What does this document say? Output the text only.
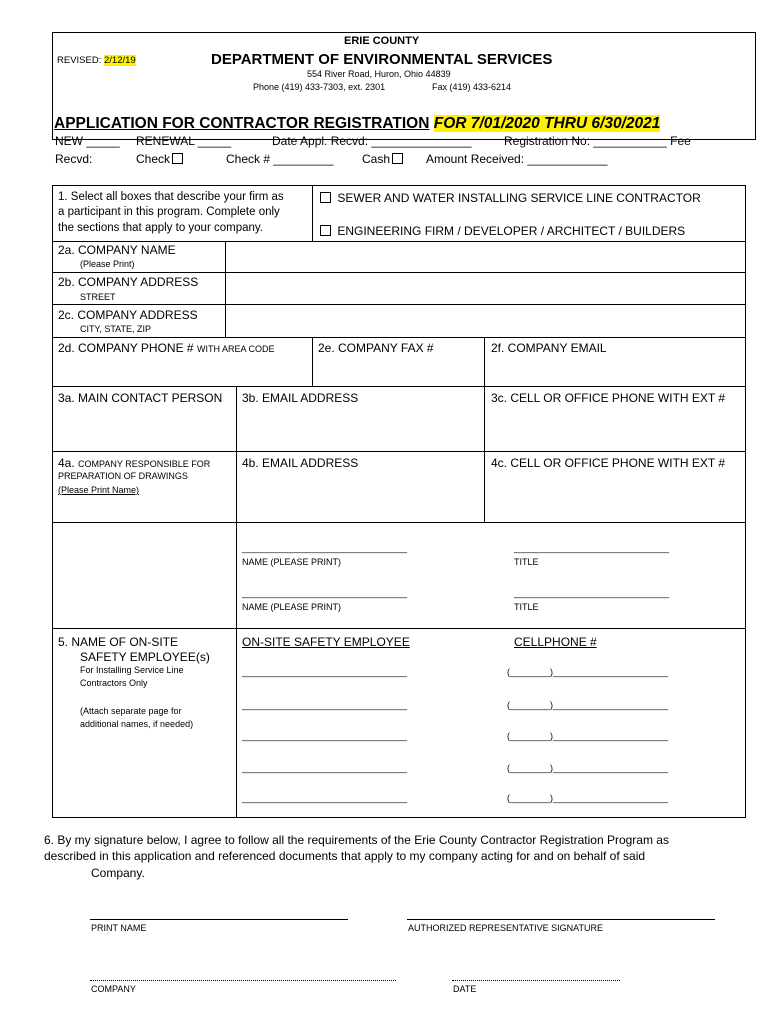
ERIE COUNTY
REVISED: 2/12/19	DEPARTMENT OF ENVIRONMENTAL SERVICES
554 River Road, Huron, Ohio 44839
Phone (419) 433-7303, ext. 2301	Fax (419) 433-6214
APPLICATION FOR CONTRACTOR REGISTRATION FOR 7/01/2020 THRU 6/30/2021
NEW _____ RENEWAL _____	Date Appl. Recvd: _______________	Registration No: ___________ Fee
Recvd:	Check	Check # _________ Cash	Amount Received: ____________
1. Select all boxes that describe your firm as
a participant in this program. Complete only
the sections that apply to your company.
SEWER AND WATER INSTALLING SERVICE LINE CONTRACTOR
ENGINEERING FIRM / DEVELOPER / ARCHITECT / BUILDERS
2a. COMPANY NAME
(Please Print)
2b. COMPANY ADDRESS
STREET
2c. COMPANY ADDRESS
CITY, STATE, ZIP
2d. COMPANY PHONE # WITH AREA CODE	2e. COMPANY FAX #	2f. COMPANY EMAIL
3a. MAIN CONTACT PERSON 3b. EMAIL ADDRESS	3c. CELL OR OFFICE PHONE WITH EXT #
4a. COMPANY RESPONSIBLE FOR
PREPARATION OF DRAWINGS
(Please Print Name)
4b. EMAIL ADDRESS	4c. CELL OR OFFICE PHONE WITH EXT #
_________________________________	_______________________________
NAME (PLEASE PRINT)	TITLE
_________________________________	_______________________________
NAME (PLEASE PRINT)	TITLE
5. NAME OF ON-SITE
SAFETY EMPLOYEE(s)
For Installing Service Line
Contractors Only
(Attach separate page for
additional names, if needed)
ON-SITE SAFETY EMPLOYEE	CELLPHONE #
_________________________________	(________)_______________________
_________________________________	(________)_______________________
_________________________________	(________)_______________________
_________________________________	(________)_______________________
_________________________________	(________)_______________________
6. By my signature below, I agree to follow all the requirements of the Erie County Contractor Registration Program as
described in this application and referenced documents that apply to my company acting for and on behalf of said
Company.
PRINT NAME	AUTHORIZED REPRESENTATIVE SIGNATURE
COMPANY	DATE
